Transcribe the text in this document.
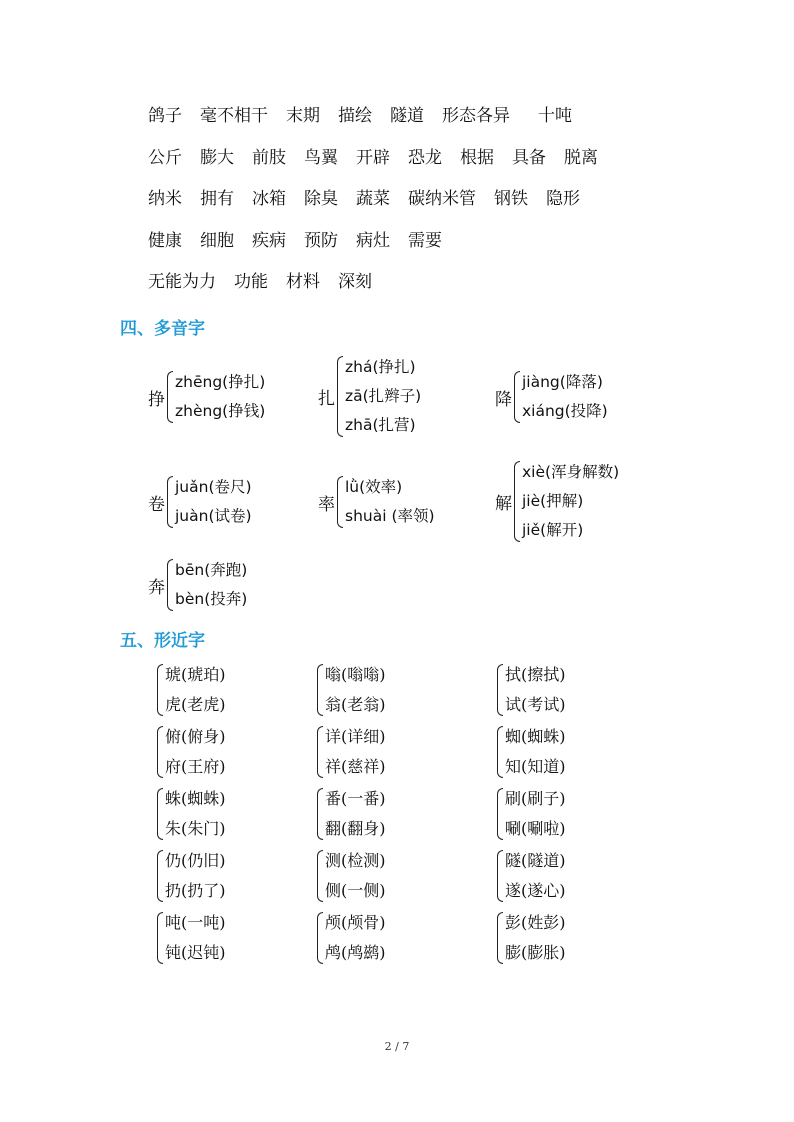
鸽子 毫不相干 末期 描绘 隧道 形态各异 十吨
公斤 膨大 前肢 鸟翼 开辟 恐龙 根据 具备 脱离
纳米 拥有 冰箱 除臭 蔬菜 碳纳米管 钢铁 隐形
健康 细胞 疾病 预防 病灶 需要
无能为力 功能 材料 深刻
四、多音字
挣
zhēng(挣扎)
zhèng(挣钱)
扎
zhá(挣扎)
zā(扎辫子)
zhā(扎营)
降
jiàng(降落)
xiáng(投降)
卷
juǎn(卷尺)
juàn(试卷)
率
lǜ(效率)
shuài (率领)
解
xiè(浑身解数)
jiè(押解)
jiě(解开)
奔
bēn(奔跑)
bèn(投奔)
五、形近字
琥(琥珀)
虎(老虎)
嗡(嗡嗡)
翁(老翁)
拭(擦拭)
试(考试)
俯(俯身)
府(王府)
详(详细)
祥(慈祥)
蜘(蜘蛛)
知(知道)
蛛(蜘蛛)
朱(朱门)
番(一番)
翻(翻身)
刷(刷子)
唰(唰啦)
仍(仍旧)
扔(扔了)
测(检测)
侧(一侧)
隧(隧道)
遂(遂心)
吨(一吨)
钝(迟钝)
颅(颅骨)
鸬(鸬鹚)
彭(姓彭)
膨(膨胀)
2 / 7
